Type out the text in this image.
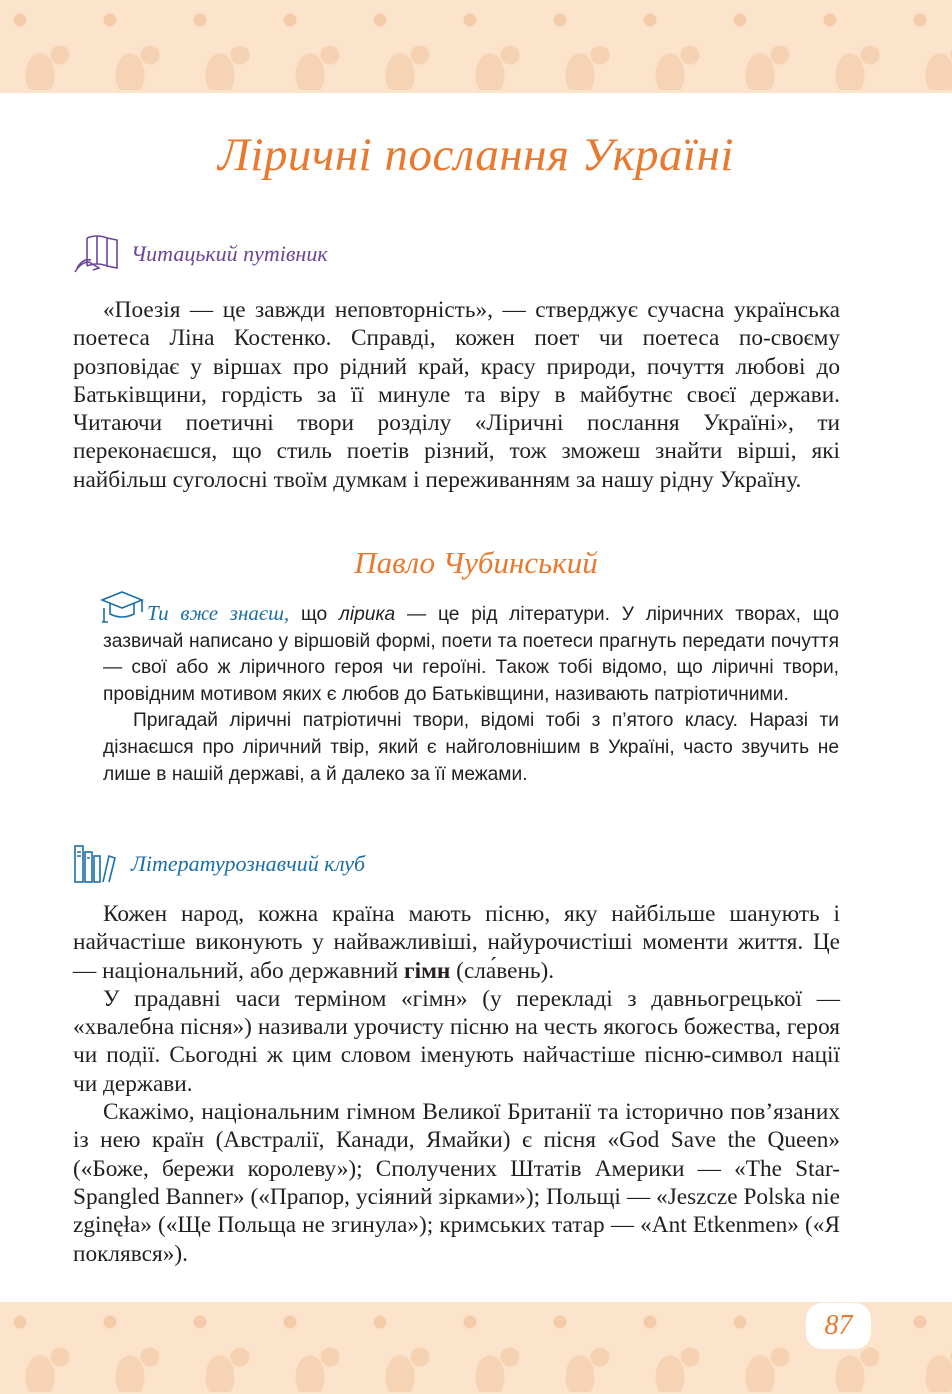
Ліричні послання Україні
Читацький путівник

«Поезія — це завжди неповторність», — стверджує сучасна українська поетеса Ліна Костенко. Справді, кожен поет чи поетеса по-своєму розповідає у віршах про рідний край, красу природи, почуття любові до Батьківщини, гордість за її минуле та віру в майбутнє своєї держави. Читаючи поетичні твори розділу «Ліричні послання Україні», ти переконаєшся, що стиль поетів різний, тож зможеш знайти вірші, які найбільш суголосні твоїм думкам і переживанням за нашу рідну Україну.

Павло Чубинський

Ти вже знаєш, що лірика — це рід літератури. У ліричних творах, що зазвичай написано у віршовій формі, поети та поетеси прагнуть передати почуття — свої або ж ліричного героя чи героїні. Також тобі відомо, що ліричні твори, провідним мотивом яких є любов до Батьківщини, називають патріотичними.

Пригадай ліричні патріотичні твори, відомі тобі з п’ятого класу. Наразі ти дізнаєшся про ліричний твір, який є найголовнішим в Україні, часто звучить не лише в нашій державі, а й далеко за її межами.

Літературознавчий клуб

Кожен народ, кожна країна мають пісню, яку найбільше шанують і найчастіше виконують у найважливіші, найурочистіші моменти життя. Це — національний, або державний гімн (сла́вень).

У прадавні часи терміном «гімн» (у перекладі з давньогрецької — «хвалебна пісня») називали урочисту пісню на честь якогось божества, героя чи події. Сьогодні ж цим словом іменують найчастіше пісню-символ нації чи держави.

Скажімо, національним гімном Великої Британії та історично пов’язаних із нею країн (Австралії, Канади, Ямайки) є пісня «God Save the Queen» («Боже, бережи королеву»); Сполучених Штатів Америки — «The Star-Spangled Banner» («Прапор, усіяний зірками»); Польщі — «Jeszcze Polska nie zginęła» («Ще Польща не згинула»); кримських татар — «Ant Etkenmen» («Я поклявся»).

87
